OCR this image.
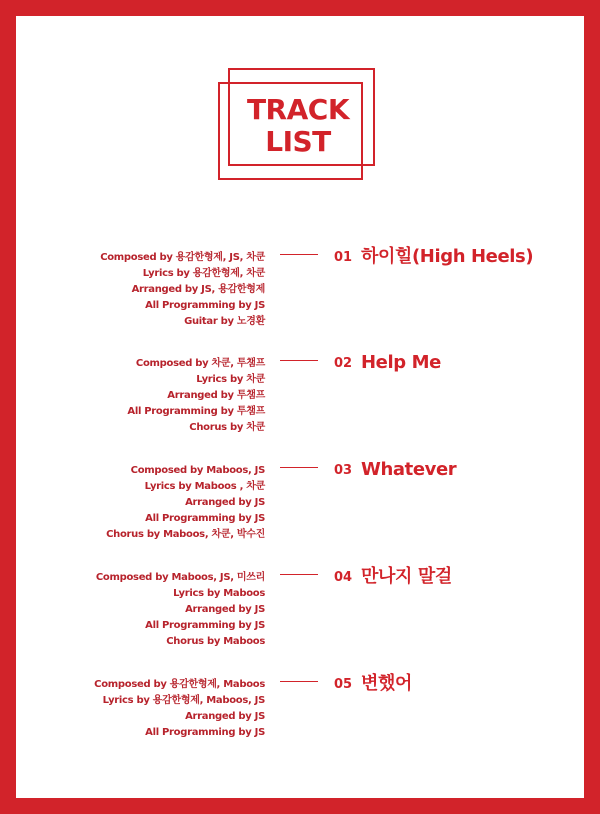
TRACK
LIST
Composed by 용감한형제, JS, 차쿤
Lyrics by 용감한형제, 차쿤
Arranged by JS, 용감한형제
All Programming by JS
Guitar by 노경환
01 하이힐(High Heels)
Composed by 차쿤, 투챔프
Lyrics by 차쿤
Arranged by 투챔프
All Programming by 투챔프
Chorus by 차쿤
02 Help Me
Composed by Maboos, JS
Lyrics by Maboos , 차쿤
Arranged by JS
All Programming by JS
Chorus by Maboos, 차쿤, 박수진
03 Whatever
Composed by Maboos, JS, 미쓰리
Lyrics by Maboos
Arranged by JS
All Programming by JS
Chorus by Maboos
04 만나지 말걸
Composed by 용감한형제, Maboos
Lyrics by 용감한형제, Maboos, JS
Arranged by JS
All Programming by JS
05 변했어
